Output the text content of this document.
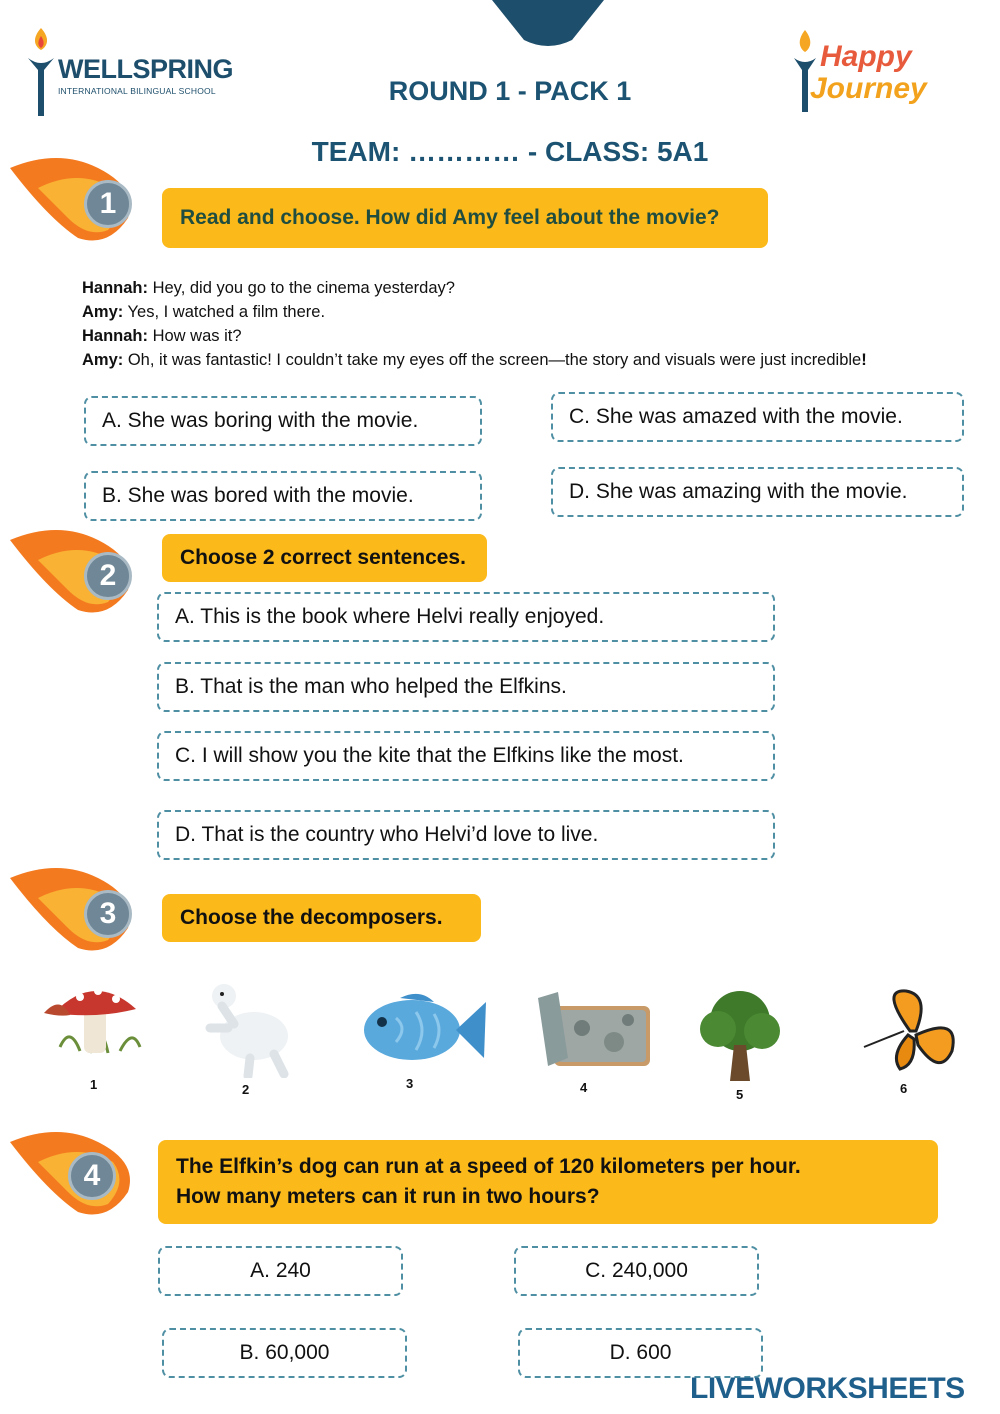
WELLSPRING
INTERNATIONAL BILINGUAL SCHOOL
Happy
Journey
ROUND 1 - PACK 1
TEAM: ………… - CLASS: 5A1
1	Read and choose. How did Amy feel about the movie?
Hannah: Hey, did you go to the cinema yesterday?
Amy: Yes, I watched a film there.
Hannah: How was it?
Amy: Oh, it was fantastic! I couldn’t take my eyes off the screen—the story and visuals were just incredible!
A. She was boring with the movie.
B. She was bored with the movie.
C. She was amazed with the movie.
D. She was amazing with the movie.
2
Choose 2 correct sentences.
A. This is the book where Helvi really enjoyed.
B. That is the man who helped the Elfkins.
C. I will show you the kite that the Elfkins like the most.
D. That is the country who Helvi’d love to live.
3	Choose the decomposers.
1	2	3	4	5	6
4	The Elfkin’s dog can run at a speed of 120 kilometers per hour.
How many meters can it run in two hours?
A. 240
B. 60,000
C. 240,000
D. 600
LIVEWORKSHEETS
